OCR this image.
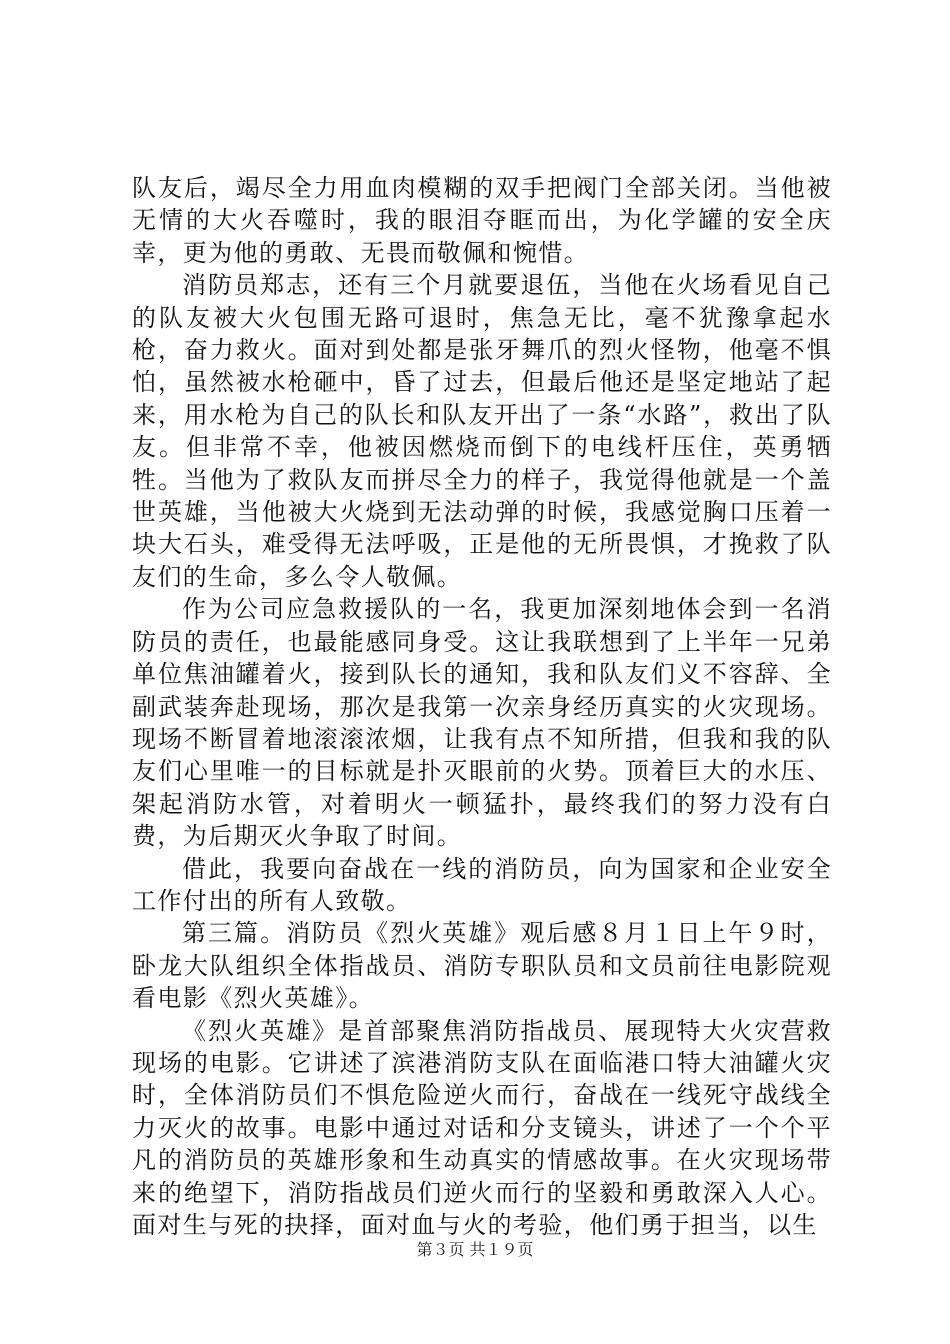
队友后，竭尽全力用血肉模糊的双手把阀门全部关闭。当他被无情的大火吞噬时，我的眼泪夺眶而出，为化学罐的安全庆幸，更为他的勇敢、无畏而敬佩和惋惜。

消防员郑志，还有三个月就要退伍，当他在火场看见自己的队友被大火包围无路可退时，焦急无比，毫不犹豫拿起水枪，奋力救火。面对到处都是张牙舞爪的烈火怪物，他毫不惧怕，虽然被水枪砸中，昏了过去，但最后他还是坚定地站了起来，用水枪为自己的队长和队友开出了一条“水路”，救出了队友。但非常不幸，他被因燃烧而倒下的电线杆压住，英勇牺牲。当他为了救队友而拼尽全力的样子，我觉得他就是一个盖世英雄，当他被大火烧到无法动弹的时候，我感觉胸口压着一块大石头，难受得无法呼吸，正是他的无所畏惧，才挽救了队友们的生命，多么令人敬佩。

作为公司应急救援队的一名，我更加深刻地体会到一名消防员的责任，也最能感同身受。这让我联想到了上半年一兄弟单位焦油罐着火，接到队长的通知，我和队友们义不容辞、全副武装奔赴现场，那次是我第一次亲身经历真实的火灾现场。现场不断冒着地滚滚浓烟，让我有点不知所措，但我和我的队友们心里唯一的目标就是扑灭眼前的火势。顶着巨大的水压、架起消防水管，对着明火一顿猛扑，最终我们的努力没有白费，为后期灭火争取了时间。

借此，我要向奋战在一线的消防员，向为国家和企业安全工作付出的所有人致敬。

第三篇。消防员《烈火英雄》观后感８月１日上午９时，卧龙大队组织全体指战员、消防专职队员和文员前往电影院观看电影《烈火英雄》。

《烈火英雄》是首部聚焦消防指战员、展现特大火灾营救现场的电影。它讲述了滨港消防支队在面临港口特大油罐火灾时，全体消防员们不惧危险逆火而行，奋战在一线死守战线全力灭火的故事。电影中通过对话和分支镜头，讲述了一个个平凡的消防员的英雄形象和生动真实的情感故事。在火灾现场带来的绝望下，消防指战员们逆火而行的坚毅和勇敢深入人心。面对生与死的抉择，面对血与火的考验，他们勇于担当，以生

第３页 共１９页
